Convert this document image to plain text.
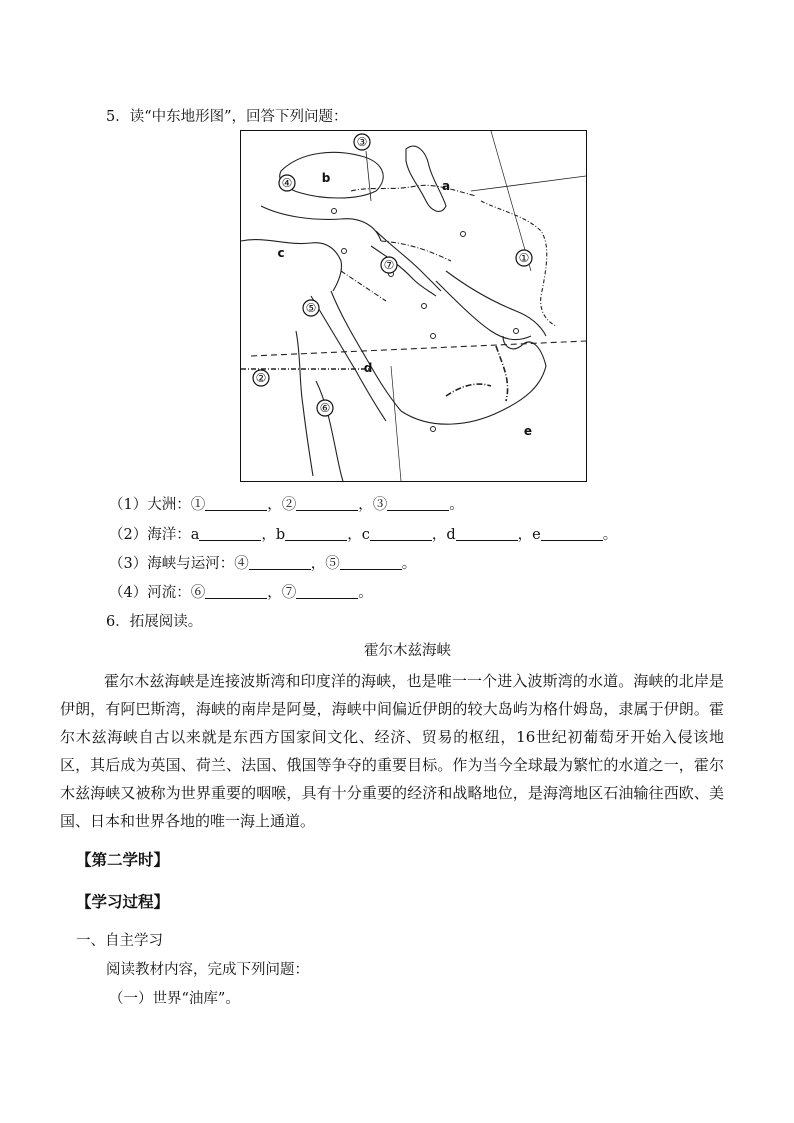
5．读“中东地形图”，回答下列问题：
④
②
③
①
⑤
⑥
⑦
a
b
c
d
e
（1）大洲：①	，②	，③	。
（2）海洋：a	，b	，c	，d	，e	。
（3）海峡与运河：④	，⑤	。
（4）河流：⑥	，⑦	。
6．拓展阅读。
霍尔木兹海峡
霍尔木兹海峡是连接波斯湾和印度洋的海峡，也是唯一一个进入波斯湾的水道。海峡的北岸是伊朗，有阿巴斯湾，海峡的南岸是阿曼，海峡中间偏近伊朗的较大岛屿为格什姆岛，隶属于伊朗。霍尔木兹海峡自古以来就是东西方国家间文化、经济、贸易的枢纽，16世纪初葡萄牙开始入侵该地区，其后成为英国、荷兰、法国、俄国等争夺的重要目标。作为当今全球最为繁忙的水道之一，霍尔木兹海峡又被称为世界重要的咽喉，具有十分重要的经济和战略地位，是海湾地区石油输往西欧、美国、日本和世界各地的唯一海上通道。
【第二学时】
【学习过程】
一、自主学习
阅读教材内容，完成下列问题：
（一）世界“油库”。
